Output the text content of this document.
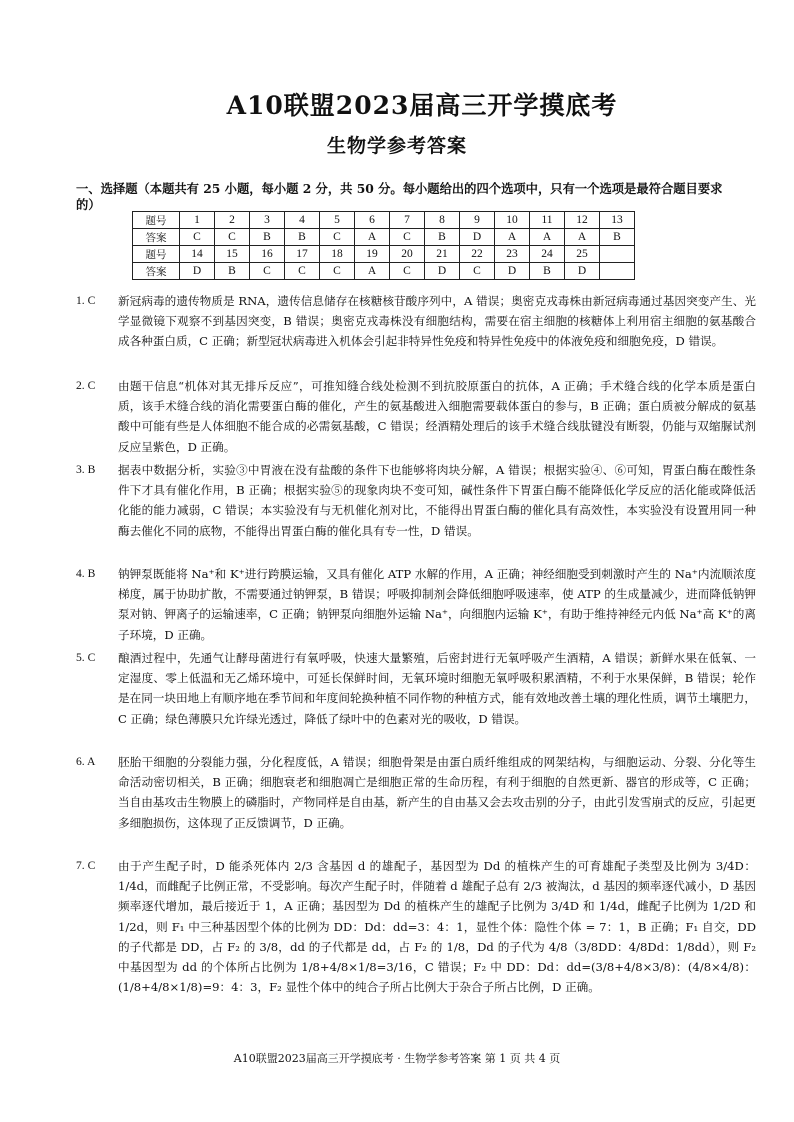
A10联盟2023届高三开学摸底考
生物学参考答案
一、选择题（本题共有 25 小题，每小题 2 分，共 50 分。每小题给出的四个选项中，只有一个选项是最符合题目要求的）
题号	1	2	3	4	5	6	7	8	9	10	11	12	13
答案	C	C	B	B	C	A	C	B	D	A	A	A	B
题号	14	15	16	17	18	19	20	21	22	23	24	25	
答案	D	B	C	C	C	A	C	D	C	D	B	D	
1. C	新冠病毒的遗传物质是 RNA，遗传信息储存在核糖核苷酸序列中，A 错误；奥密克戎毒株由新冠病毒通过基因突变产生、光学显微镜下观察不到基因突变，B 错误；奥密克戎毒株没有细胞结构，需要在宿主细胞的核糖体上利用宿主细胞的氨基酸合成各种蛋白质，C 正确；新型冠状病毒进入机体会引起非特异性免疫和特异性免疫中的体液免疫和细胞免疫，D 错误。
2. C	由题干信息“机体对其无排斥反应”，可推知缝合线处检测不到抗胶原蛋白的抗体，A 正确；手术缝合线的化学本质是蛋白质，该手术缝合线的消化需要蛋白酶的催化，产生的氨基酸进入细胞需要载体蛋白的参与，B 正确；蛋白质被分解成的氨基酸中可能有些是人体细胞不能合成的必需氨基酸，C 错误；经酒精处理后的该手术缝合线肽键没有断裂，仍能与双缩脲试剂反应呈紫色，D 正确。
3. B	据表中数据分析，实验③中胃液在没有盐酸的条件下也能够将肉块分解，A 错误；根据实验④、⑥可知，胃蛋白酶在酸性条件下才具有催化作用，B 正确；根据实验⑤的现象肉块不变可知，碱性条件下胃蛋白酶不能降低化学反应的活化能或降低活化能的能力减弱，C 错误；本实验没有与无机催化剂对比，不能得出胃蛋白酶的催化具有高效性，本实验没有设置用同一种酶去催化不同的底物，不能得出胃蛋白酶的催化具有专一性，D 错误。
4. B	钠钾泵既能将 Na⁺和 K⁺进行跨膜运输，又具有催化 ATP 水解的作用，A 正确；神经细胞受到刺激时产生的 Na⁺内流顺浓度梯度，属于协助扩散，不需要通过钠钾泵，B 错误；呼吸抑制剂会降低细胞呼吸速率，使 ATP 的生成量减少，进而降低钠钾泵对钠、钾离子的运输速率，C 正确；钠钾泵向细胞外运输 Na⁺，向细胞内运输 K⁺，有助于维持神经元内低 Na⁺高 K⁺的离子环境，D 正确。
5. C	酿酒过程中，先通气让酵母菌进行有氧呼吸，快速大量繁殖，后密封进行无氧呼吸产生酒精，A 错误；新鲜水果在低氧、一定湿度、零上低温和无乙烯环境中，可延长保鲜时间，无氧环境时细胞无氧呼吸积累酒精，不利于水果保鲜，B 错误；轮作是在同一块田地上有顺序地在季节间和年度间轮换种植不同作物的种植方式，能有效地改善土壤的理化性质，调节土壤肥力，C 正确；绿色薄膜只允许绿光透过，降低了绿叶中的色素对光的吸收，D 错误。
6. A	胚胎干细胞的分裂能力强，分化程度低，A 错误；细胞骨架是由蛋白质纤维组成的网架结构，与细胞运动、分裂、分化等生命活动密切相关，B 正确；细胞衰老和细胞凋亡是细胞正常的生命历程，有利于细胞的自然更新、器官的形成等，C 正确；当自由基攻击生物膜上的磷脂时，产物同样是自由基，新产生的自由基又会去攻击别的分子，由此引发雪崩式的反应，引起更多细胞损伤，这体现了正反馈调节，D 正确。
7. C	由于产生配子时，D 能杀死体内 2/3 含基因 d 的雄配子，基因型为 Dd 的植株产生的可育雄配子类型及比例为 3/4D：1/4d，而雌配子比例正常，不受影响。每次产生配子时，伴随着 d 雄配子总有 2/3 被淘汰，d 基因的频率逐代减小，D 基因频率逐代增加，最后接近于 1，A 正确；基因型为 Dd 的植株产生的雄配子比例为 3/4D 和 1/4d，雌配子比例为 1/2D 和 1/2d，则 F₁ 中三种基因型个体的比例为 DD：Dd：dd=3：4：1，显性个体：隐性个体 = 7：1，B 正确；F₁ 自交，DD 的子代都是 DD，占 F₂ 的 3/8，dd 的子代都是 dd，占 F₂ 的 1/8，Dd 的子代为 4/8（3/8DD：4/8Dd：1/8dd），则 F₂ 中基因型为 dd 的个体所占比例为 1/8+4/8×1/8=3/16，C 错误；F₂ 中 DD：Dd：dd=(3/8+4/8×3/8)：(4/8×4/8)：(1/8+4/8×1/8)=9：4：3，F₂ 显性个体中的纯合子所占比例大于杂合子所占比例，D 正确。
A10联盟2023届高三开学摸底考 · 生物学参考答案 第 1 页 共 4 页
